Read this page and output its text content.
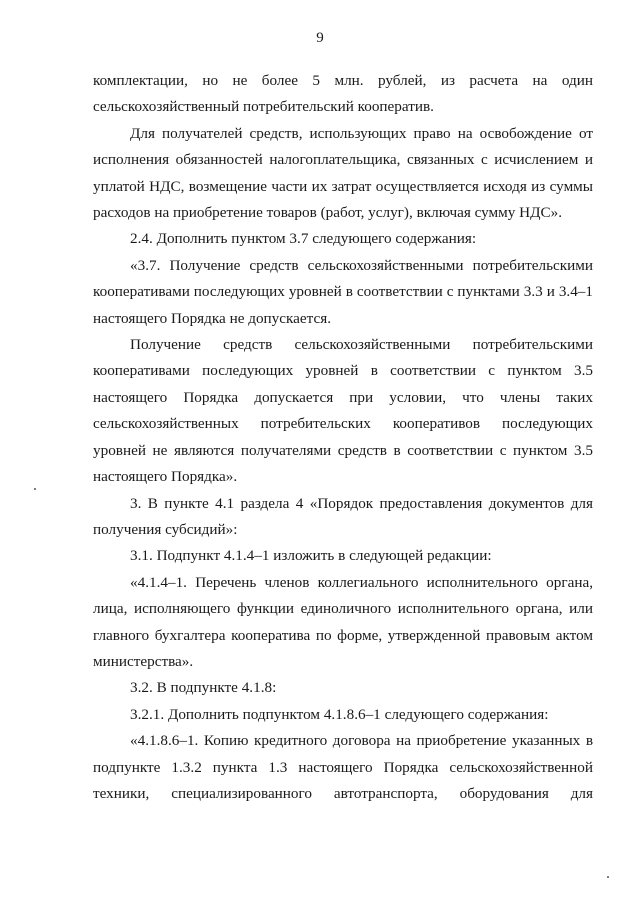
9

комплектации, но не более 5 млн. рублей, из расчета на один сельскохозяйственный потребительский кооператив.

Для получателей средств, использующих право на освобождение от исполнения обязанностей налогоплательщика, связанных с исчислением и уплатой НДС, возмещение части их затрат осуществляется исходя из суммы расходов на приобретение товаров (работ, услуг), включая сумму НДС».

2.4. Дополнить пунктом 3.7 следующего содержания:

«3.7. Получение средств сельскохозяйственными потребительскими кооперативами последующих уровней в соответствии с пунктами 3.3 и 3.4–1 настоящего Порядка не допускается.

Получение средств сельскохозяйственными потребительскими кооперативами последующих уровней в соответствии с пунктом 3.5 настоящего Порядка допускается при условии, что члены таких сельскохозяйственных потребительских кооперативов последующих уровней не являются получателями средств в соответствии с пунктом 3.5 настоящего Порядка».

3. В пункте 4.1 раздела 4 «Порядок предоставления документов для получения субсидий»:

3.1. Подпункт 4.1.4–1 изложить в следующей редакции:

«4.1.4–1. Перечень членов коллегиального исполнительного органа, лица, исполняющего функции единоличного исполнительного органа, или главного бухгалтера кооператива по форме, утвержденной правовым актом министерства».

3.2. В подпункте 4.1.8:

3.2.1. Дополнить подпунктом 4.1.8.6–1 следующего содержания:

«4.1.8.6–1. Копию кредитного договора на приобретение указанных в подпункте 1.3.2 пункта 1.3 настоящего Порядка сельскохозяйственной техники, специализированного автотранспорта, оборудования для
